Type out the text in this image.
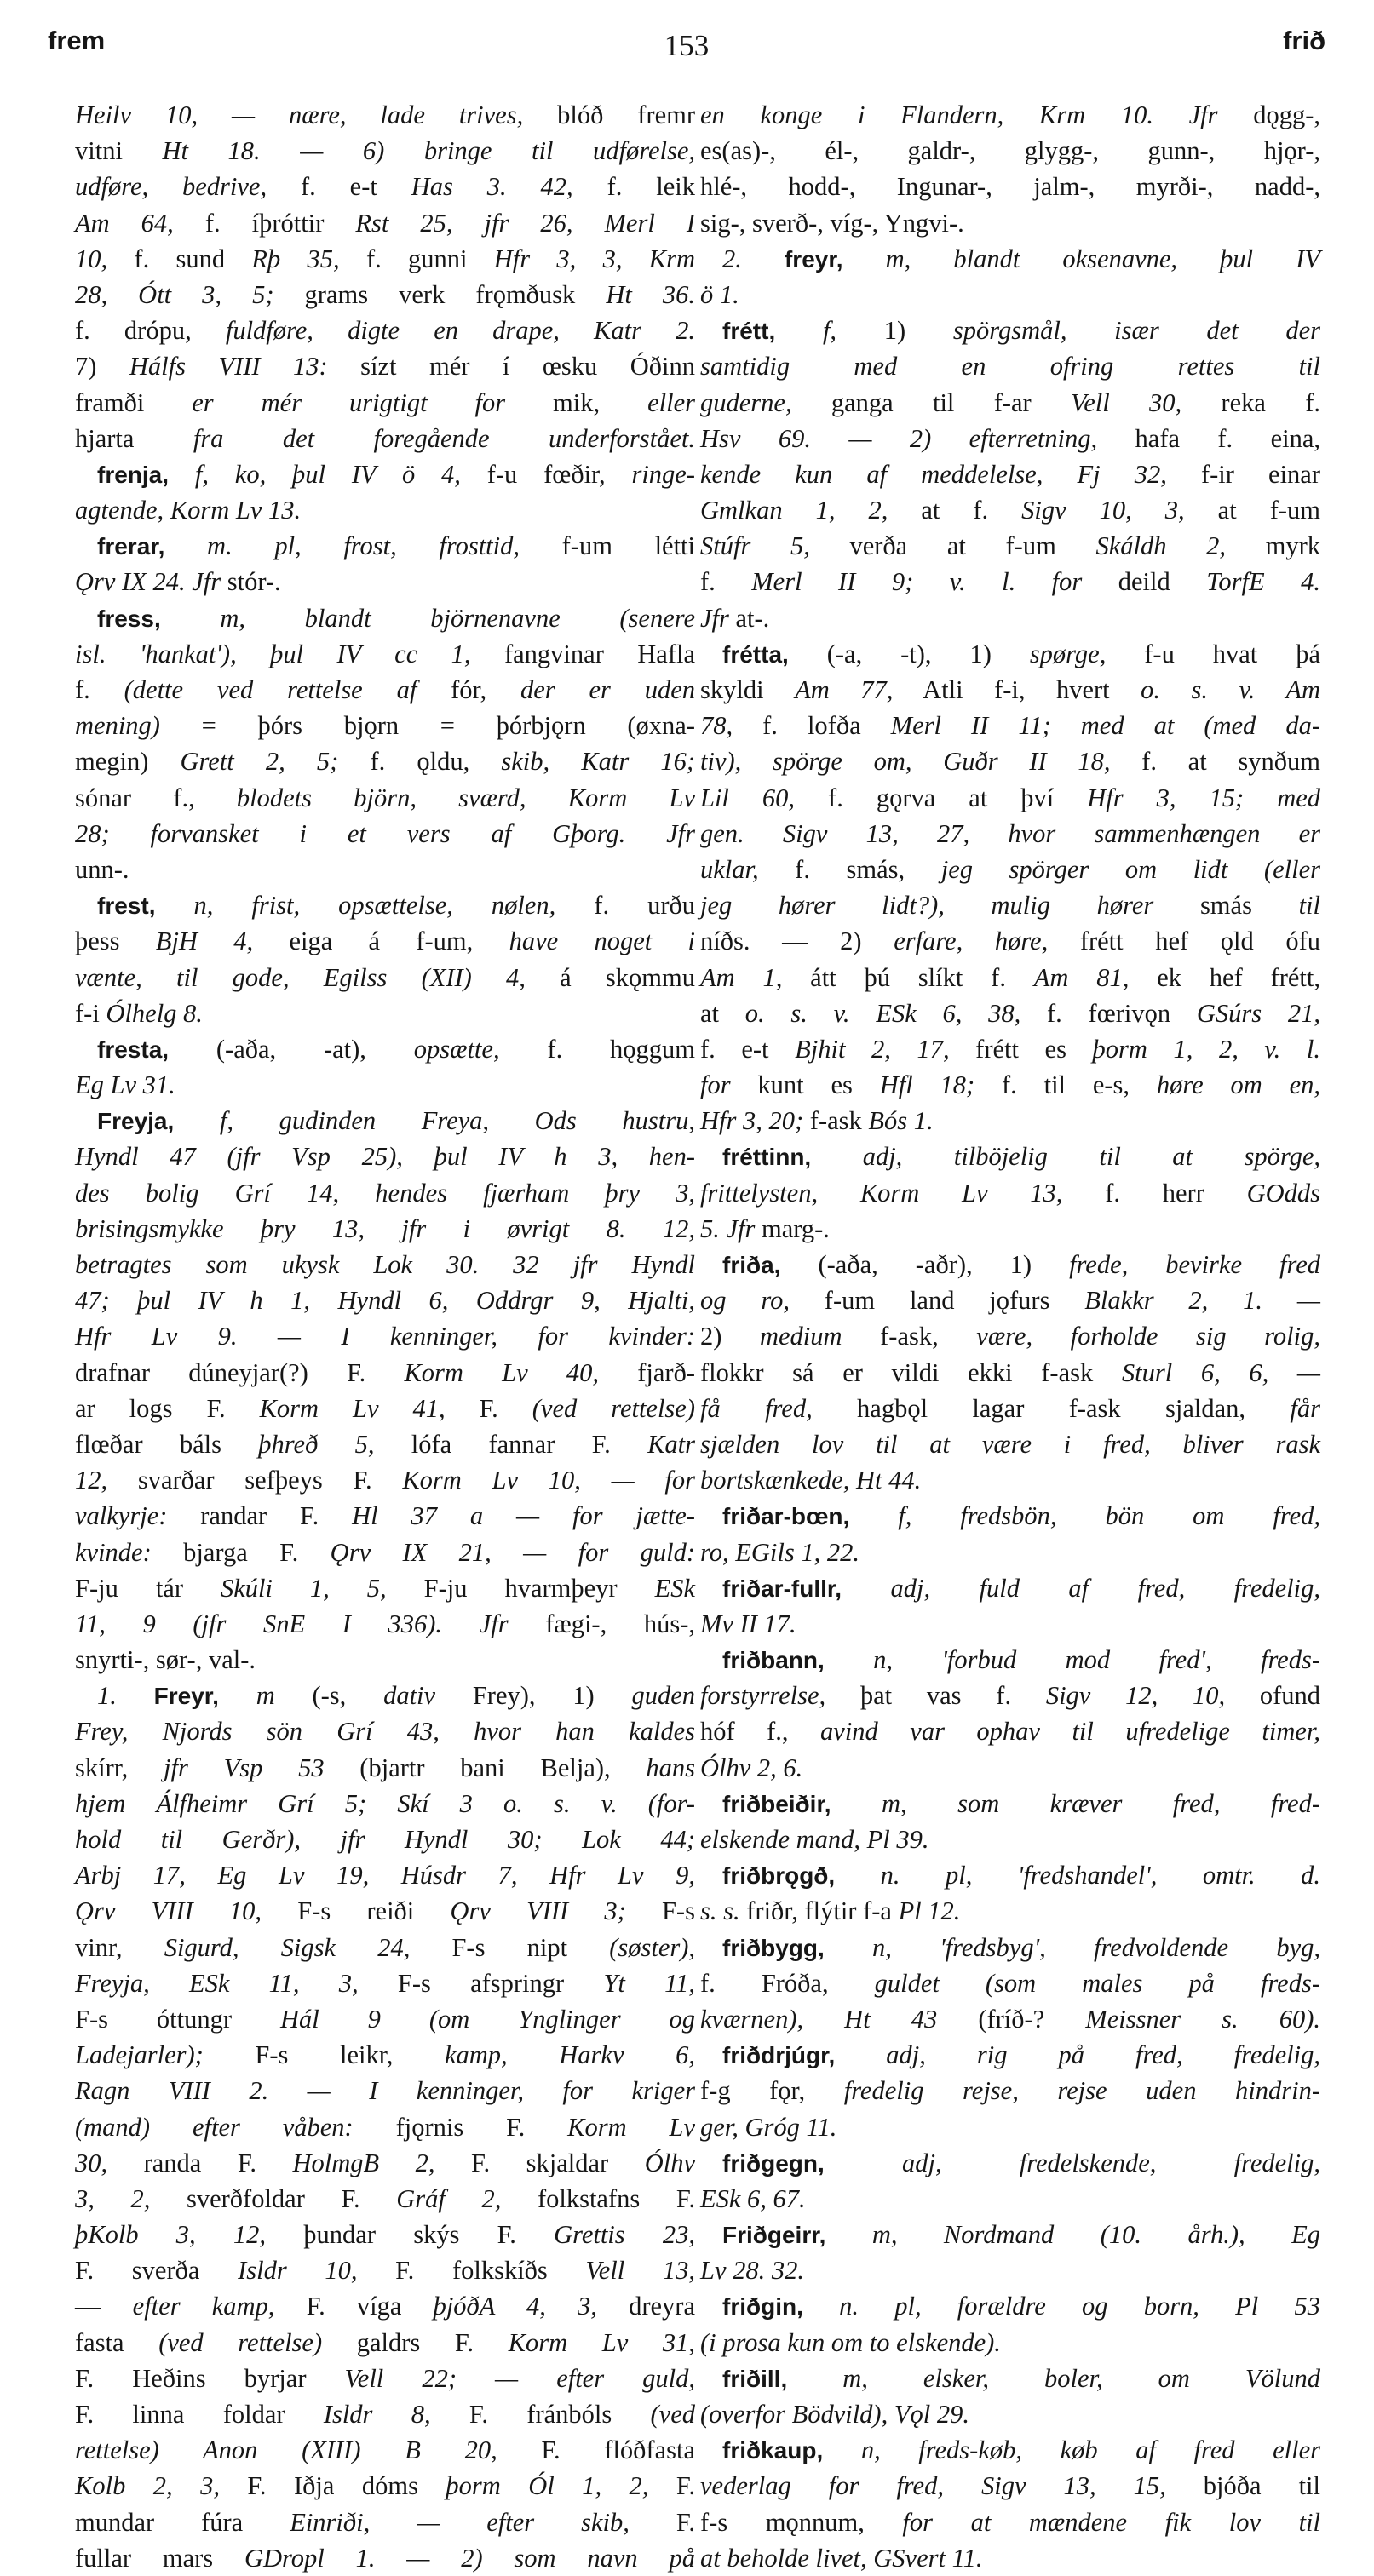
frem	153	frið
Heilv 10, — nære, lade trives, blóð fremr
vitni Ht 18. — 6) bringe til udførelse,
udføre, bedrive, f. e-t Has 3. 42, f. leik
Am 64, f. íþróttir Rst 25, jfr 26, Merl I
10, f. sund Rþ 35, f. gunni Hfr 3, 3, Krm
28, Ótt 3, 5; grams verk frǫmðusk Ht 36.
f. drópu, fuldføre, digte en drape, Katr 2.
7) Hálfs VIII 13: sízt mér í œsku Óðinn
framði er mér urigtigt for mik, eller
hjarta fra det foregående underforstået.
frenja, f, ko, þul IV ö 4, f-u fœðir, ringe-
agtende, Korm Lv 13.
frerar, m. pl, frost, frosttid, f-um létti
Ǫrv IX 24. Jfr stór-.
fress, m, blandt björnenavne (senere
isl. 'hankat'), þul IV cc 1, fangvinar Hafla
f. (dette ved rettelse af fór, der er uden
mening) = þórs bjǫrn = þórbjǫrn (øxna-
megin) Grett 2, 5; f. ǫldu, skib, Katr 16;
sónar f., blodets björn, sværd, Korm Lv
28; forvansket i et vers af Gþorg. Jfr
unn-.
frest, n, frist, opsættelse, nølen, f. urðu
þess BjH 4, eiga á f-um, have noget i
vænte, til gode, Egilss (XII) 4, á skǫmmu
f-i Ólhelg 8.
fresta, (-aða, -at), opsætte, f. hǫggum
Eg Lv 31.
Freyja, f, gudinden Freya, Ods hustru,
Hyndl 47 (jfr Vsp 25), þul IV h 3, hen-
des bolig Grí 14, hendes fjærham þry 3,
brisingsmykke þry 13, jfr i øvrigt 8. 12,
betragtes som ukysk Lok 30. 32 jfr Hyndl
47; þul IV h 1, Hyndl 6, Oddrgr 9, Hjalti,
Hfr Lv 9. — I kenninger, for kvinder:
drafnar dúneyjar(?) F. Korm Lv 40, fjarð-
ar logs F. Korm Lv 41, F. (ved rettelse)
flœðar báls þhreð 5, lófa fannar F. Katr
12, svarðar sefþeys F. Korm Lv 10, — for
valkyrje: randar F. Hl 37 a — for jætte-
kvinde: bjarga F. Ǫrv IX 21, — for guld:
F-ju tár Skúli 1, 5, F-ju hvarmþeyr ESk
11, 9 (jfr SnE I 336). Jfr fægi-, hús-,
snyrti-, sør-, val-.
1. Freyr, m (-s, dativ Frey), 1) guden
Frey, Njords sön Grí 43, hvor han kaldes
skírr, jfr Vsp 53 (bjartr bani Belja), hans
hjem Álfheimr Grí 5; Skí 3 o. s. v. (for-
hold til Gerðr), jfr Hyndl 30; Lok 44;
Arbj 17, Eg Lv 19, Húsdr 7, Hfr Lv 9,
Ǫrv VIII 10, F-s reiði Ǫrv VIII 3; F-s
vinr, Sigurd, Sigsk 24, F-s nipt (søster),
Freyja, ESk 11, 3, F-s afspringr Yt 11,
F-s óttungr Hál 9 (om Ynglinger og
Ladejarler); F-s leikr, kamp, Harkv 6,
Ragn VIII 2. — I kenninger, for kriger
(mand) efter våben: fjǫrnis F. Korm Lv
30, randa F. HolmgB 2, F. skjaldar Ólhv
3, 2, sverðfoldar F. Gráf 2, folkstafns F.
þKolb 3, 12, þundar skýs F. Grettis 23,
F. sverða Isldr 10, F. folkskíðs Vell 13,
— efter kamp, F. víga þjóðA 4, 3, dreyra
fasta (ved rettelse) galdrs F. Korm Lv 31,
F. Heðins byrjar Vell 22; — efter guld,
F. linna foldar Isldr 8, F. fránbóls (ved
rettelse) Anon (XIII) B 20, F. flóðfasta
Kolb 2, 3, F. Iðja dóms þorm Ól 1, 2, F.
mundar fúra Einriði, — efter skib, F.
fullar mars GDropl 1. — 2) som navn på
en konge i Flandern, Krm 10. Jfr dǫgg-,
es(as)-, él-, galdr-, glygg-, gunn-, hjǫr-,
hlé-, hodd-, Ingunar-, jalm-, myrði-, nadd-,
sig-, sverð-, víg-, Yngvi-.
2. freyr, m, blandt oksenavne, þul IV
ö 1.
frétt, f, 1) spörgsmål, især det der
samtidig med en ofring rettes til
guderne, ganga til f-ar Vell 30, reka f.
Hsv 69. — 2) efterretning, hafa f. eina,
kende kun af meddelelse, Fj 32, f-ir einar
Gmlkan 1, 2, at f. Sigv 10, 3, at f-um
Stúfr 5, verða at f-um Skáldh 2, myrk
f. Merl II 9; v. l. for deild TorfE 4.
Jfr at-.
frétta, (-a, -t), 1) spørge, f-u hvat þá
skyldi Am 77, Atli f-i, hvert o. s. v. Am
78, f. lofða Merl II 11; med at (med da-
tiv), spörge om, Guðr II 18, f. at synðum
Lil 60, f. gǫrva at því Hfr 3, 15; med
gen. Sigv 13, 27, hvor sammenhængen er
uklar, f. smás, jeg spörger om lidt (eller
jeg hører lidt?), mulig hører smás til
níðs. — 2) erfare, høre, frétt hef ǫld ófu
Am 1, átt þú slíkt f. Am 81, ek hef frétt,
at o. s. v. ESk 6, 38, f. fœrivǫn GSúrs 21,
f. e-t Bjhit 2, 17, frétt es þorm 1, 2, v. l.
for kunt es Hfl 18; f. til e-s, høre om en,
Hfr 3, 20; f-ask Bós 1.
fréttinn, adj, tilböjelig til at spörge,
frittelysten, Korm Lv 13, f. herr GOdds
5. Jfr marg-.
friða, (-aða, -aðr), 1) frede, bevirke fred
og ro, f-um land jǫfurs Blakkr 2, 1. —
2) medium f-ask, være, forholde sig rolig,
flokkr sá er vildi ekki f-ask Sturl 6, 6, —
få fred, hagbǫl lagar f-ask sjaldan, får
sjælden lov til at være i fred, bliver rask
bortskænkede, Ht 44.
friðar-bœn, f, fredsbön, bön om fred,
ro, EGils 1, 22.
friðar-fullr, adj, fuld af fred, fredelig,
Mv II 17.
friðbann, n, 'forbud mod fred', freds-
forstyrrelse, þat vas f. Sigv 12, 10, ofund
hóf f., avind var ophav til ufredelige timer,
Ólhv 2, 6.
friðbeiðir, m, som kræver fred, fred-
elskende mand, Pl 39.
friðbrǫgð, n. pl, 'fredshandel', omtr. d.
s. s. friðr, flýtir f-a Pl 12.
friðbygg, n, 'fredsbyg', fredvoldende byg,
f. Fróða, guldet (som males på freds-
kværnen), Ht 43 (fríð-? Meissner s. 60).
friðdrjúgr, adj, rig på fred, fredelig,
f-g fǫr, fredelig rejse, rejse uden hindrin-
ger, Gróg 11.
friðgegn,	adj, fredelskende, fredelig,
ESk 6, 67.
Friðgeirr, m, Nordmand (10. årh.), Eg
Lv 28. 32.
friðgin, n. pl, forældre og born, Pl 53
(i prosa kun om to elskende).
friðill, m, elsker, boler, om Völund
(overfor Bödvild), Vǫl 29.
friðkaup, n, freds-køb, køb af fred eller
vederlag for fred, Sigv 13, 15, bjóða til
f-s mǫnnum, for at mændene fik lov til
at beholde livet, GSvert 11.
